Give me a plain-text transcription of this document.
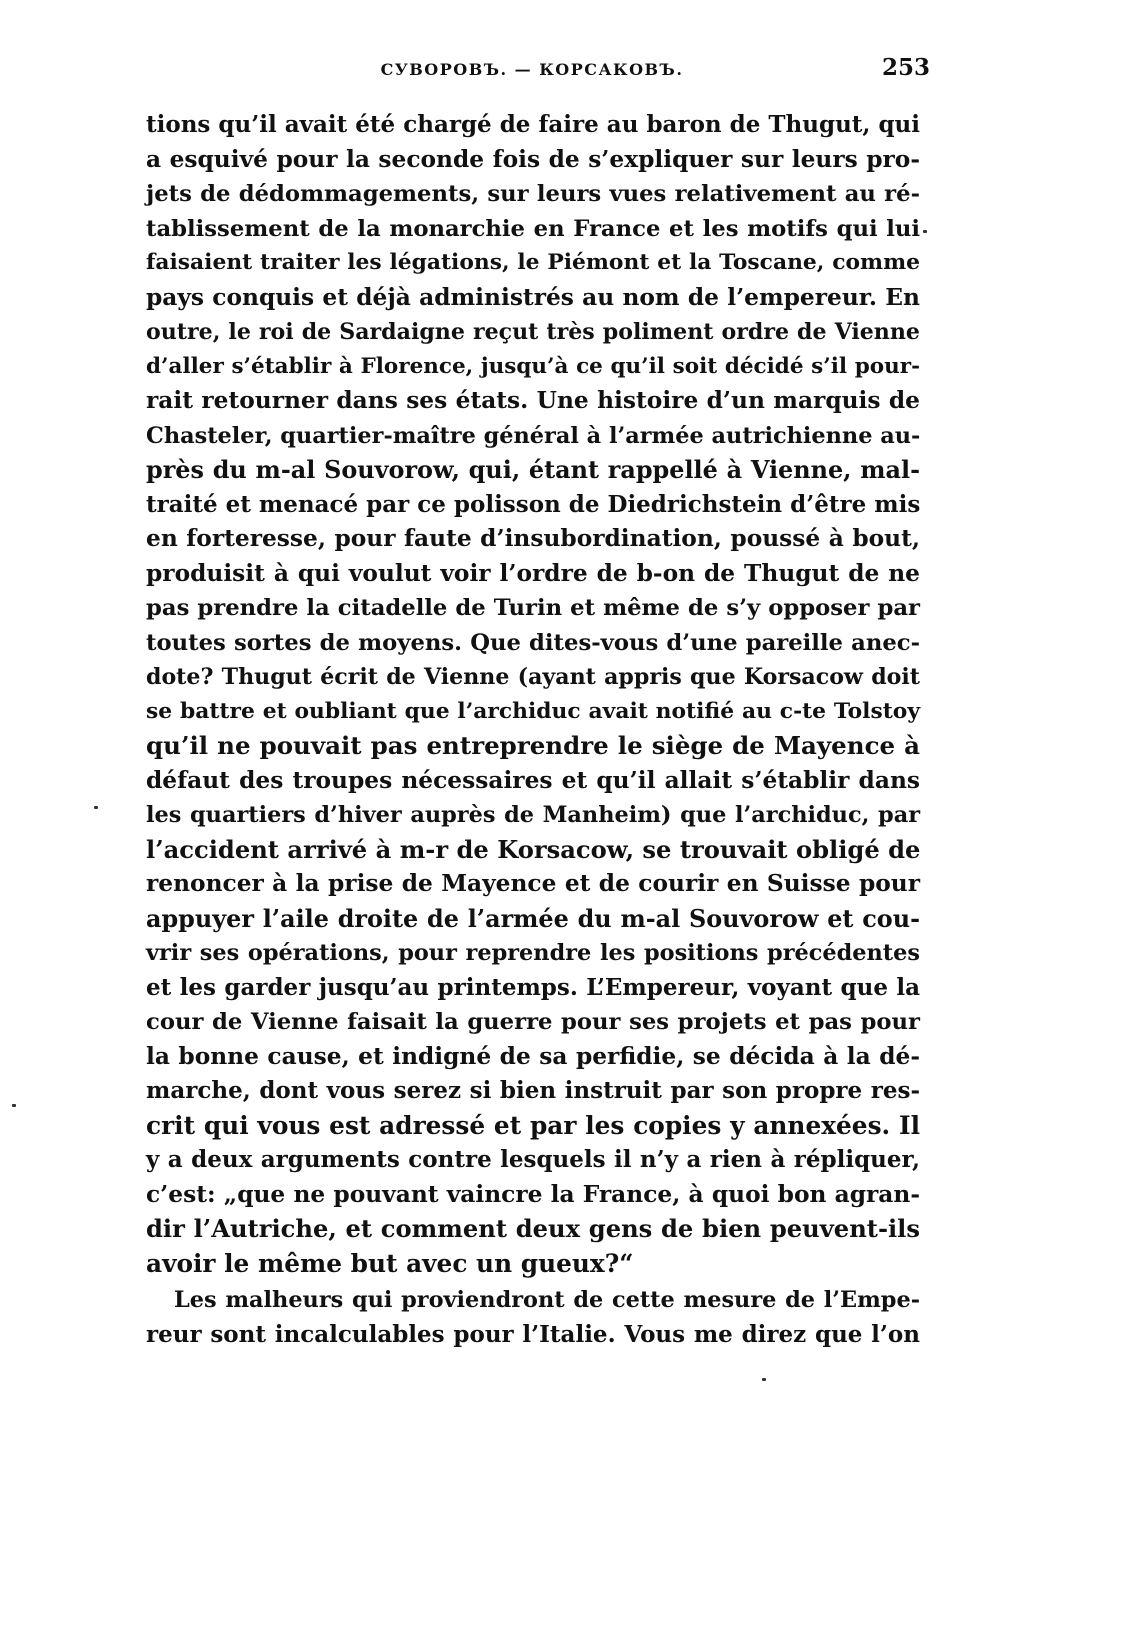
СУВОРОВЪ. — КОРСАКОВЪ.	253
tions qu’il avait été chargé de faire au baron de Thugut, qui
a esquivé pour la seconde fois de s’expliquer sur leurs pro-
jets de dédommagements, sur leurs vues relativement au ré-
tablissement de la monarchie en France et les motifs qui lui
faisaient traiter les légations, le Piémont et la Toscane, comme
pays conquis et déjà administrés au nom de l’empereur. En
outre, le roi de Sardaigne reçut très poliment ordre de Vienne
d’aller s’établir à Florence, jusqu’à ce qu’il soit décidé s’il pour-
rait retourner dans ses états. Une histoire d’un marquis de
Chasteler, quartier-maître général à l’armée autrichienne au-
près du m-al Souvorow, qui, étant rappellé à Vienne, mal-
traité et menacé par ce polisson de Diedrichstein d’être mis
en forteresse, pour faute d’insubordination, poussé à bout,
produisit à qui voulut voir l’ordre de b-on de Thugut de ne
pas prendre la citadelle de Turin et même de s’y opposer par
toutes sortes de moyens. Que dites-vous d’une pareille anec-
dote? Thugut écrit de Vienne (ayant appris que Korsacow doit
se battre et oubliant que l’archiduc avait notifié au c-te Tolstoy
qu’il ne pouvait pas entreprendre le siège de Mayence à
défaut des troupes nécessaires et qu’il allait s’établir dans
les quartiers d’hiver auprès de Manheim) que l’archiduc, par
l’accident arrivé à m-r de Korsacow, se trouvait obligé de
renoncer à la prise de Mayence et de courir en Suisse pour
appuyer l’aile droite de l’armée du m-al Souvorow et cou-
vrir ses opérations, pour reprendre les positions précédentes
et les garder jusqu’au printemps. L’Empereur, voyant que la
cour de Vienne faisait la guerre pour ses projets et pas pour
la bonne cause, et indigné de sa perfidie, se décida à la dé-
marche, dont vous serez si bien instruit par son propre res-
crit qui vous est adressé et par les copies y annexées. Il
y a deux arguments contre lesquels il n’y a rien à répliquer,
c’est: „que ne pouvant vaincre la France, à quoi bon agran-
dir l’Autriche, et comment deux gens de bien peuvent-ils
avoir le même but avec un gueux?“
Les malheurs qui proviendront de cette mesure de l’Empe-
reur sont incalculables pour l’Italie. Vous me direz que l’on
